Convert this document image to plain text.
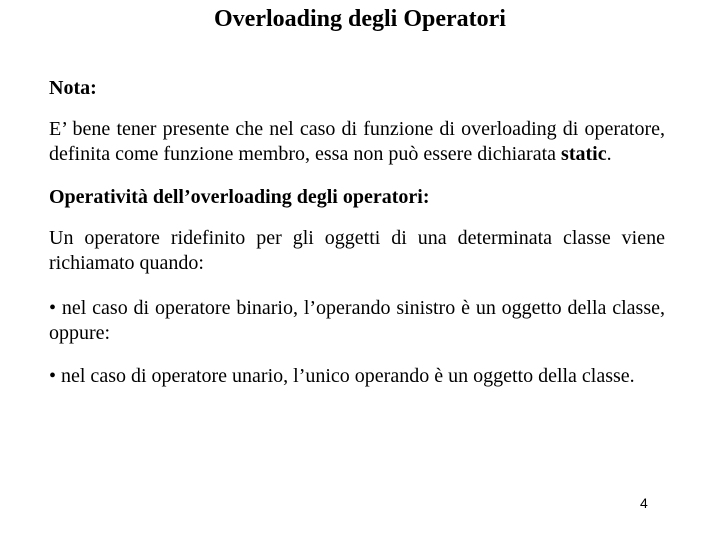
Overloading degli Operatori

Nota:

E’ bene tener presente che nel caso di funzione di overloading di operatore, definita come funzione membro, essa non può essere dichiarata static.

Operatività dell’overloading degli operatori:

Un operatore ridefinito per gli oggetti di una determinata classe viene richiamato quando:

• nel caso di operatore binario, l’operando sinistro è un oggetto della classe, oppure:

• nel caso di operatore unario, l’unico operando è un oggetto della classe.

4
